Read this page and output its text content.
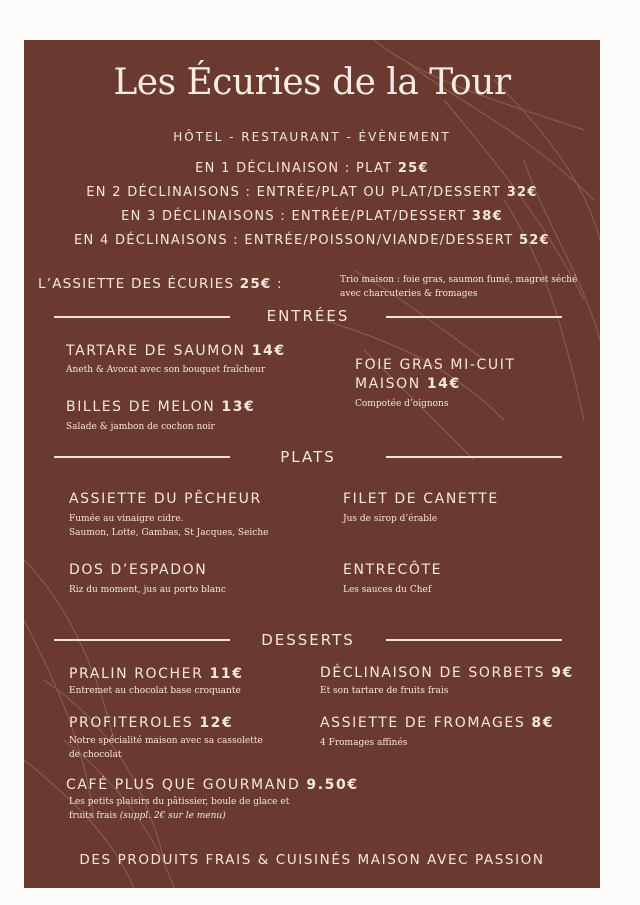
Les Écuries de la Tour
HÔTEL - RESTAURANT - ÉVÈNEMENT
EN 1 DÉCLINAISON : PLAT 25€
EN 2 DÉCLINAISONS : ENTRÉE/PLAT OU PLAT/DESSERT 32€
EN 3 DÉCLINAISONS : ENTRÉE/PLAT/DESSERT 38€
EN 4 DÉCLINAISONS : ENTRÉE/POISSON/VIANDE/DESSERT 52€
L’ASSIETTE DES ÉCURIES 25€ :	Trio maison : foie gras, saumon fumé, magret séché avec charcuteries & fromages
ENTRÉES
TARTARE DE SAUMON 14€
Aneth & Avocat avec son bouquet fraîcheur
BILLES DE MELON 13€
Salade & jambon de cochon noir
FOIE GRAS MI-CUIT
MAISON 14€
Compotée d’oignons
PLATS
ASSIETTE DU PÊCHEUR
Fumée au vinaigre cidre.
Saumon, Lotte, Gambas, St Jacques, Seiche
DOS D’ESPADON
Riz du moment, jus au porto blanc
FILET DE CANETTE
Jus de sirop d’érable
ENTRECÔTE
Les sauces du Chef
DESSERTS
PRALIN ROCHER 11€
Entremet au chocolat base croquante
PROFITEROLES 12€
Notre spécialité maison avec sa cassolette de chocolat
CAFÉ PLUS QUE GOURMAND 9.50€
Les petits plaisirs du pâtissier, boule de glace et
fruits frais (suppl. 2€ sur le menu)
DÉCLINAISON DE SORBETS 9€
Et son tartare de fruits frais
ASSIETTE DE FROMAGES 8€
4 Fromages affinés
DES PRODUITS FRAIS & CUISINÉS MAISON AVEC PASSION
